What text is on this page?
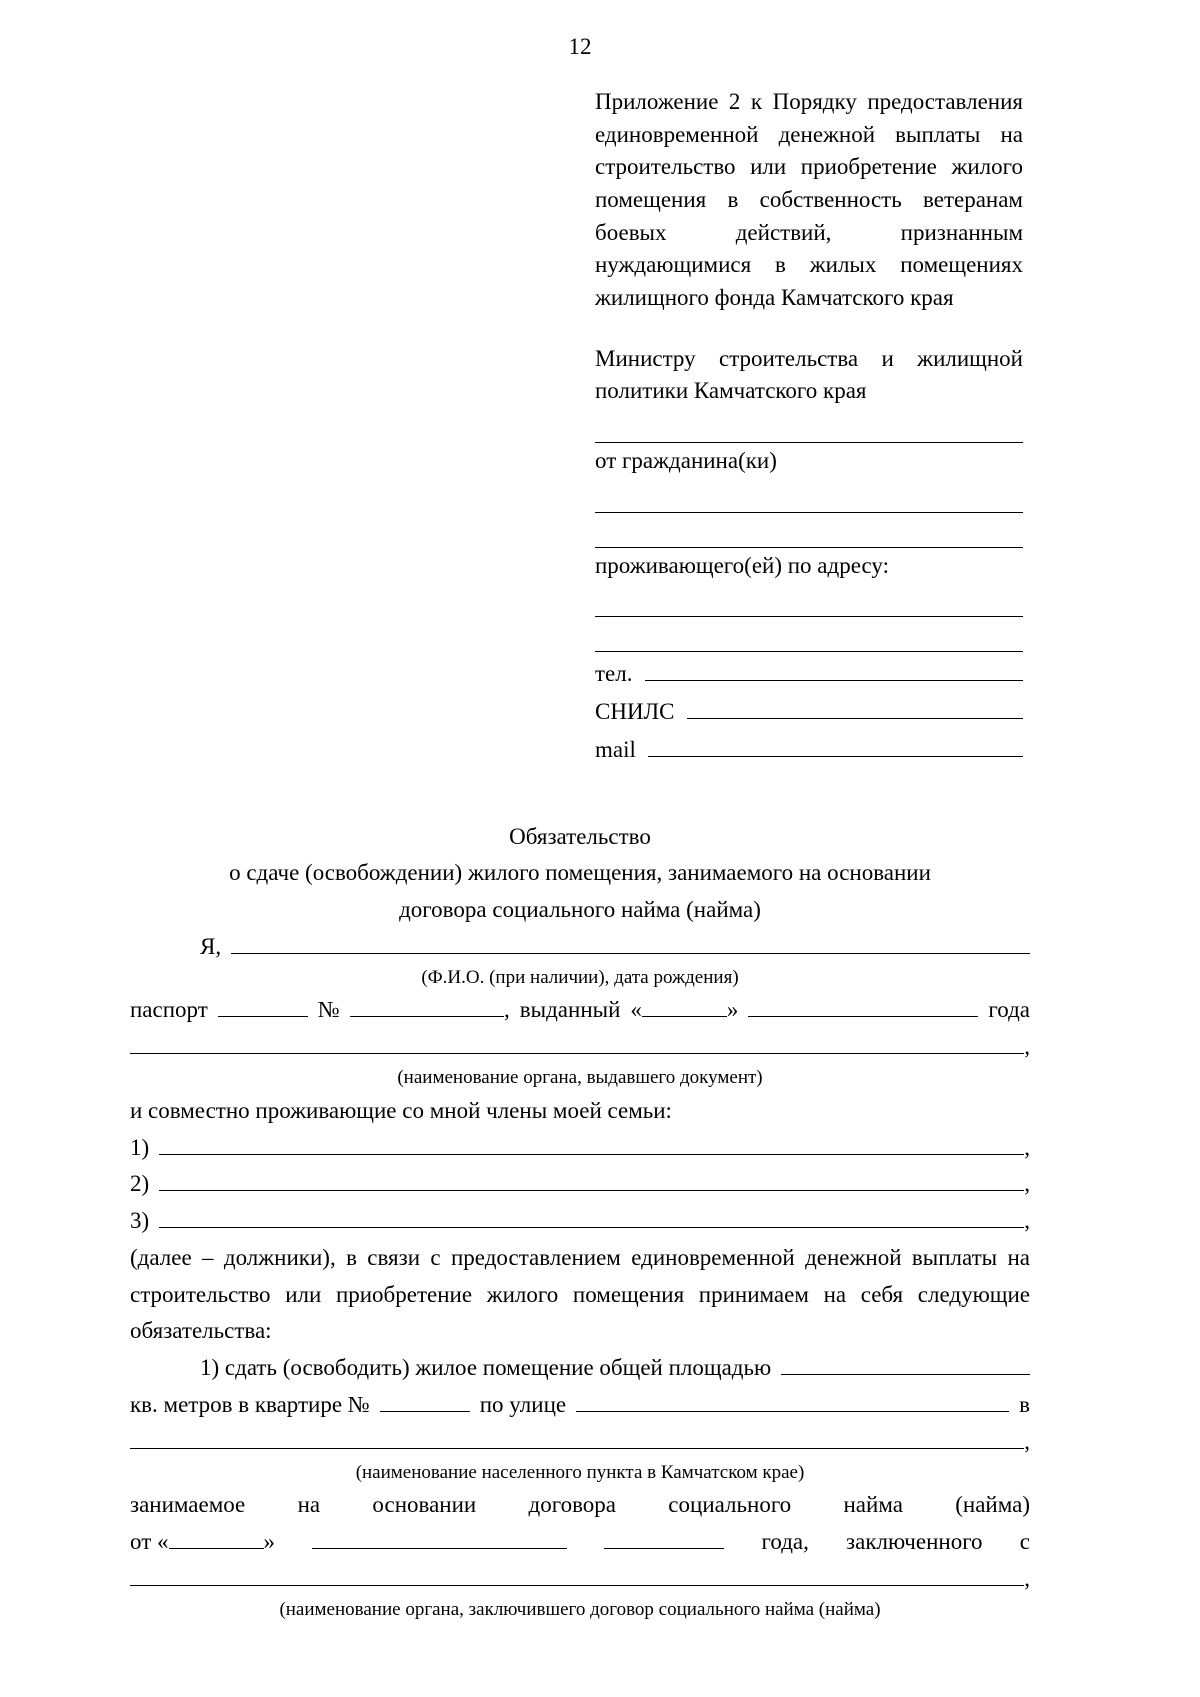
12
Приложение 2 к Порядку предоставления единовременной денежной выплаты на строительство или приобретение жилого помещения в собственность ветеранам боевых действий, признанным нуждающимися в жилых помещениях жилищного фонда Камчатского края
Министру строительства и жилищной политики Камчатского края
от гражданина(ки)
проживающего(ей) по адресу:
тел.
СНИЛС
mail
Обязательство
о сдаче (освобождении) жилого помещения, занимаемого на основании
договора социального найма (найма)
Я,
(Ф.И.О. (при наличии), дата рождения)
паспорт	№	, выданный «	»	года
,
(наименование органа, выдавшего документ)
и совместно проживающие со мной члены моей семьи:
1)	,
2)	,
3)	,
(далее – должники), в связи с предоставлением единовременной денежной выплаты на строительство или приобретение жилого помещения принимаем на себя следующие обязательства:
1) сдать (освободить) жилое помещение общей площадью
кв. метров в квартире №	по улице	в
,
(наименование населенного пункта в Камчатском крае)
занимаемое на основании договора социального найма (найма)
от «	»	года, заключенного с
,
(наименование органа, заключившего договор социального найма (найма)
